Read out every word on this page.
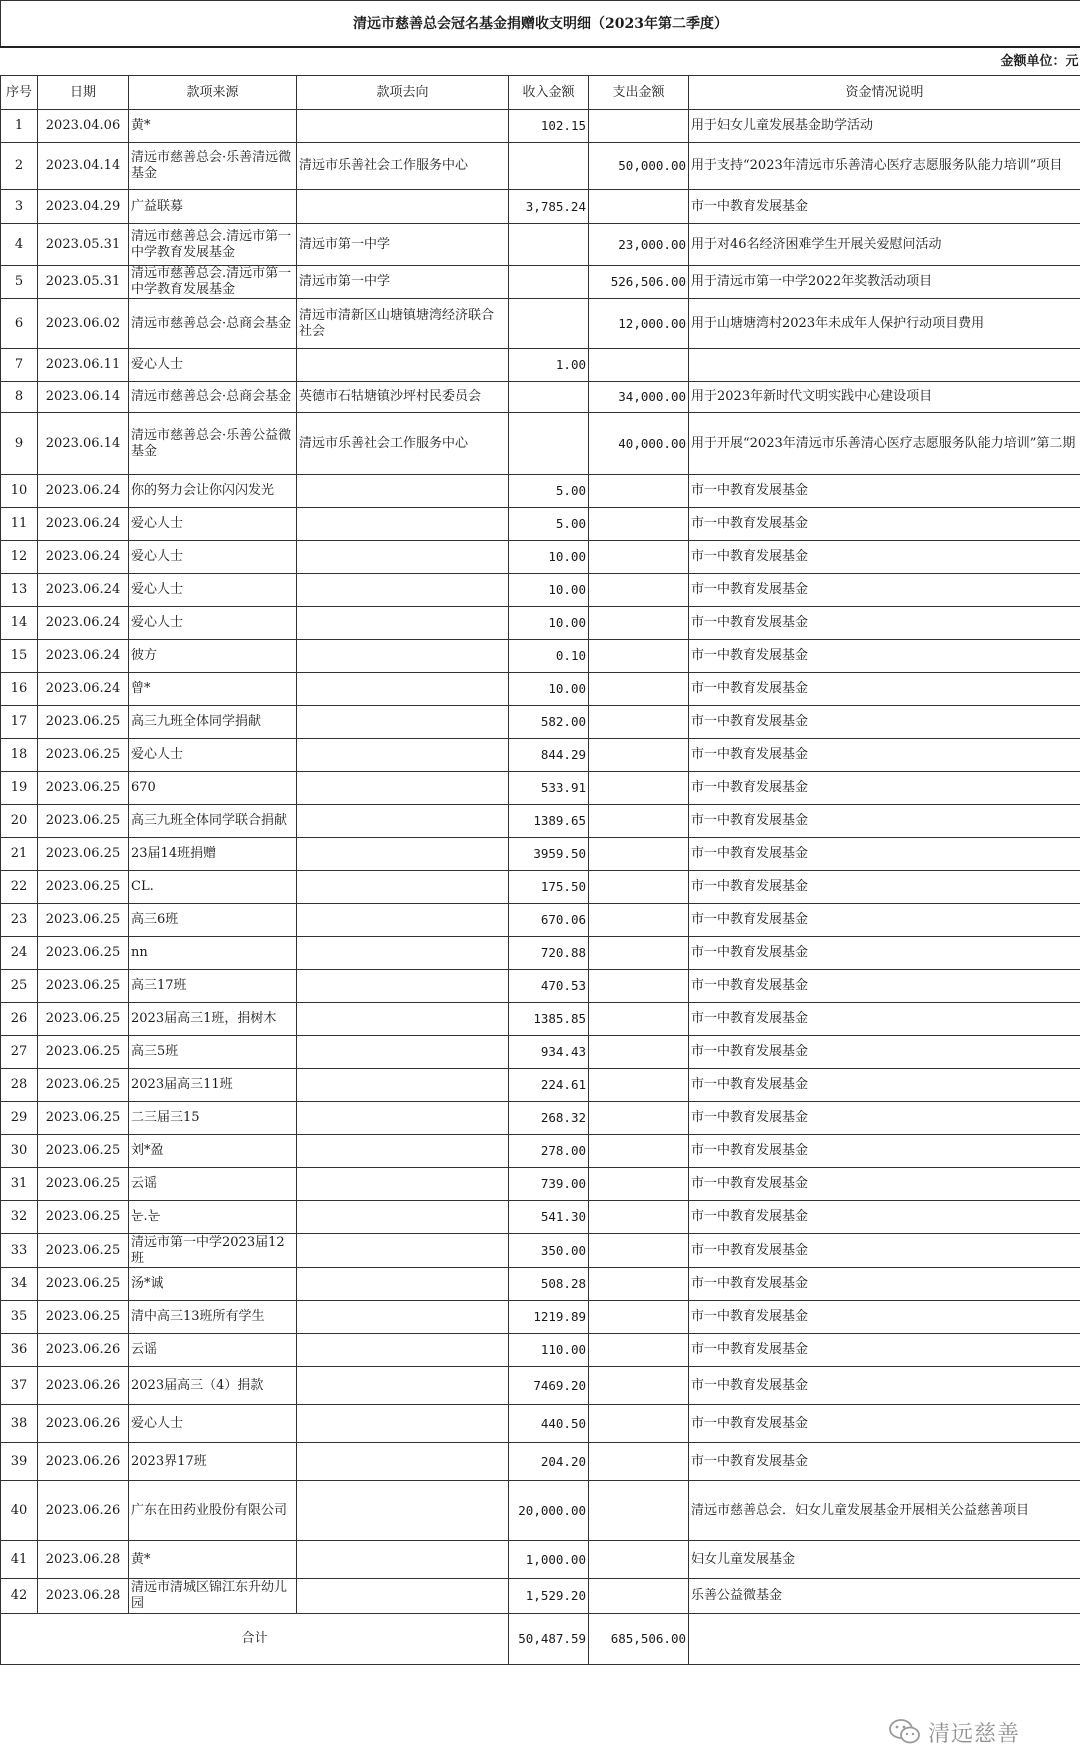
清远市慈善总会冠名基金捐赠收支明细（2023年第二季度）						
金额单位：元						
序号	日期	款项来源	款项去向	收入金额	支出金额	资金情况说明
1	2023.04.06	黄*		102.15		用于妇女儿童发展基金助学活动
2	2023.04.14	清远市慈善总会·乐善清远微基金	清远市乐善社会工作服务中心		50,000.00	用于支持“2023年清远市乐善清心医疗志愿服务队能力培训”项目
3	2023.04.29	广益联募		3,785.24		市一中教育发展基金
4	2023.05.31	清远市慈善总会.清远市第一中学教育发展基金	清远市第一中学		23,000.00	用于对46名经济困难学生开展关爱慰问活动
5	2023.05.31	清远市慈善总会.清远市第一中学教育发展基金	清远市第一中学		526,506.00	用于清远市第一中学2022年奖教活动项目
6	2023.06.02	清远市慈善总会·总商会基金	清远市清新区山塘镇塘湾经济联合社会		12,000.00	用于山塘塘湾村2023年未成年人保护行动项目费用
7	2023.06.11	爱心人士		1.00		
8	2023.06.14	清远市慈善总会·总商会基金	英德市石牯塘镇沙坪村民委员会		34,000.00	用于2023年新时代文明实践中心建设项目
9	2023.06.14	清远市慈善总会·乐善公益微基金	清远市乐善社会工作服务中心		40,000.00	用于开展“2023年清远市乐善清心医疗志愿服务队能力培训”第二期
10	2023.06.24	你的努力会让你闪闪发光		5.00		市一中教育发展基金
11	2023.06.24	爱心人士		5.00		市一中教育发展基金
12	2023.06.24	爱心人士		10.00		市一中教育发展基金
13	2023.06.24	爱心人士		10.00		市一中教育发展基金
14	2023.06.24	爱心人士		10.00		市一中教育发展基金
15	2023.06.24	彼方		0.10		市一中教育发展基金
16	2023.06.24	曾*		10.00		市一中教育发展基金
17	2023.06.25	高三九班全体同学捐献		582.00		市一中教育发展基金
18	2023.06.25	爱心人士		844.29		市一中教育发展基金
19	2023.06.25	670		533.91		市一中教育发展基金
20	2023.06.25	高三九班全体同学联合捐献		1389.65		市一中教育发展基金
21	2023.06.25	23届14班捐赠		3959.50		市一中教育发展基金
22	2023.06.25	CL.		175.50		市一中教育发展基金
23	2023.06.25	高三6班		670.06		市一中教育发展基金
24	2023.06.25	nn		720.88		市一中教育发展基金
25	2023.06.25	高三17班		470.53		市一中教育发展基金
26	2023.06.25	2023届高三1班，捐树木		1385.85		市一中教育发展基金
27	2023.06.25	高三5班		934.43		市一中教育发展基金
28	2023.06.25	2023届高三11班		224.61		市一中教育发展基金
29	2023.06.25	二三届三15		268.32		市一中教育发展基金
30	2023.06.25	刘*盈		278.00		市一中教育发展基金
31	2023.06.25	云谣		739.00		市一中教育发展基金
32	2023.06.25	눈.눈		541.30		市一中教育发展基金
33	2023.06.25	清远市第一中学2023届12班		350.00		市一中教育发展基金
34	2023.06.25	汤*诚		508.28		市一中教育发展基金
35	2023.06.25	清中高三13班所有学生		1219.89		市一中教育发展基金
36	2023.06.26	云谣		110.00		市一中教育发展基金
37	2023.06.26	2023届高三（4）捐款		7469.20		市一中教育发展基金
38	2023.06.26	爱心人士		440.50		市一中教育发展基金
39	2023.06.26	2023界17班		204.20		市一中教育发展基金
40	2023.06.26	广东在田药业股份有限公司		20,000.00		清远市慈善总会．妇女儿童发展基金开展相关公益慈善项目
41	2023.06.28	黄*		1,000.00		妇女儿童发展基金
42	2023.06.28	清远市清城区锦江东升幼儿园		1,529.20		乐善公益微基金
合计				50,487.59	685,506.00	
清远慈善
